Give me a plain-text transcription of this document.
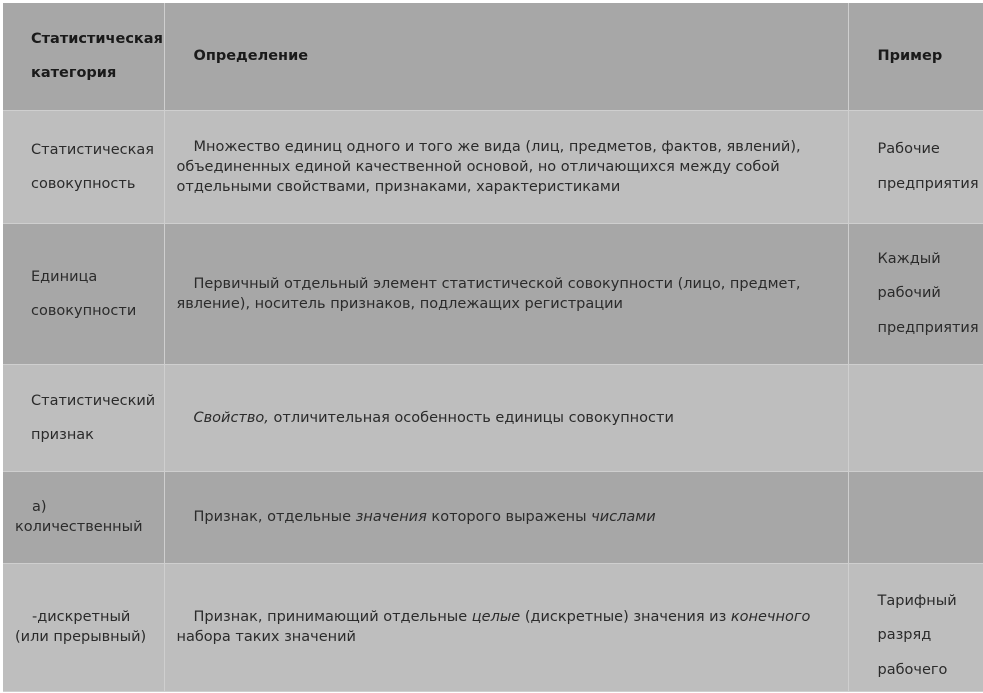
Статистическая категория	Определение	Пример

Статистическая совокупность	Множество единиц одного и того же вида (лиц, предметов, фактов, явлений), объединенных единой качественной основой, но отличающихся между собой отдельными свойствами, признаками, характеристиками	Рабочие предприятия

Единица совокупности	Первичный отдельный элемент статистической совокупности (лицо, предмет, явление), носитель признаков, подлежащих регистрации	Каждый рабочий предприятия

Статистический признак	Свойство, отличительная особенность единицы совокупности	

а) количественный	Признак, отдельные значения которого выражены числами	

-дискретный (или прерывный)	Признак, принимающий отдельные целые (дискретные) значения из конечного набора таких значений	Тарифный разряд рабочего
